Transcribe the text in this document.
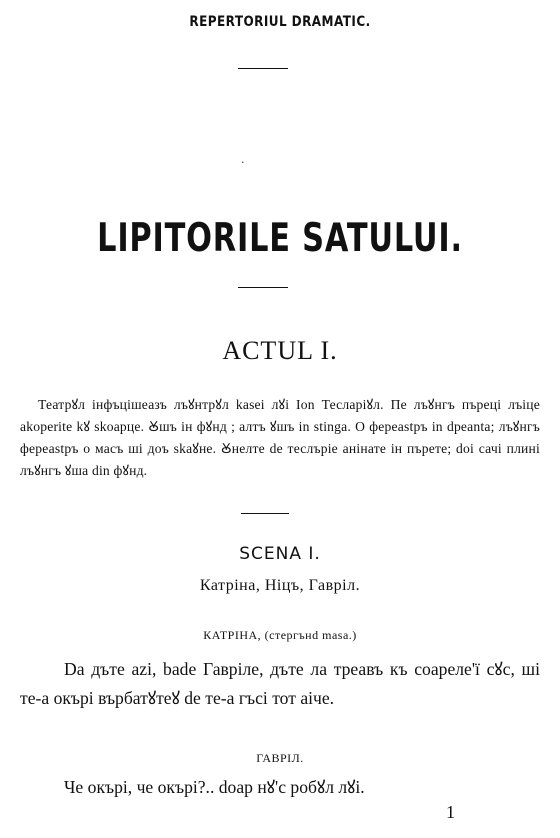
REPERTORIUL DRAMATIC.
·
LIPITORILE SATULUI.
ACTUL I.
Театрꙋл інфъцішеазъ лъꙋнтрꙋл kasei лꙋі Ion Тесларіꙋл. Пе лъꙋнгъ пъреці лъіце akoperite kꙋ skoарце. Ꙋшъ ін фꙋнд ; алтъ ꙋшъ in stinga. О ферeastръ in dpeanta; лъꙋнгъ фереаstръ о масъ ші доъ skаꙋне. Ꙋнелте de теслърie анінате ін пърете; doi сачі плині лъꙋнгъ ꙋша din фꙋнд.
SCENA I.
Катріна, Ніцъ, Гавріл.
КАТРІНА, (стергънd masa.)
Da дъте azi, bade Гавріле, дъте ла треавъ къ соареле'ї сꙋс, ші те-а окърі върбатꙋтеꙋ de те-а гъсі тот аіче.
ГАВРІЛ.
Че окърі, че окърі?.. doap нꙋ'с робꙋл лꙋі.
1
